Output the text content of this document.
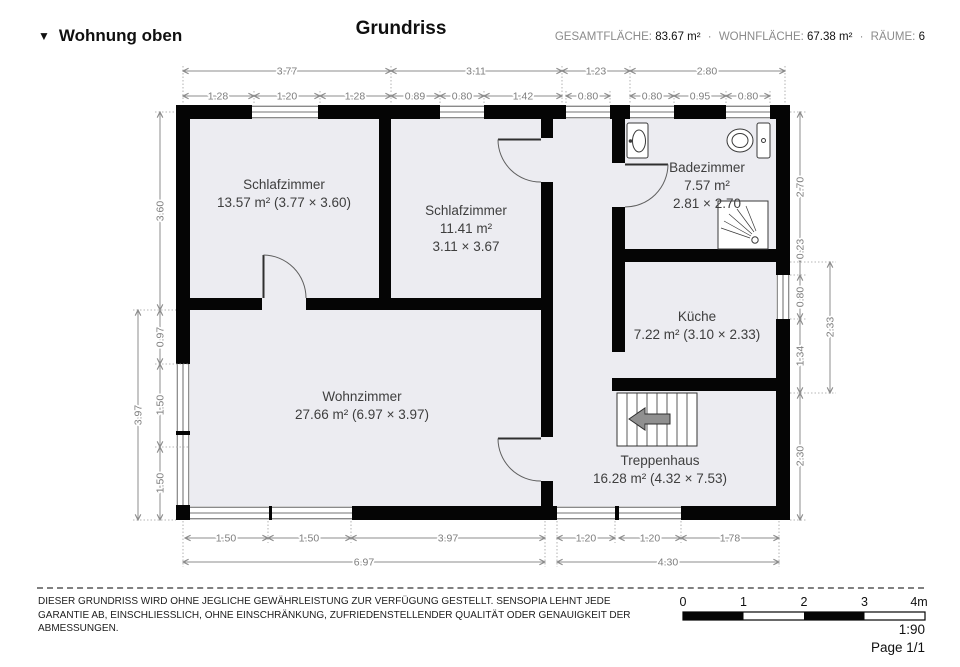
▼ Wohnung oben	Grundriss	GESAMTFLÄCHE: 83.67 m² · WOHNFLÄCHE: 67.38 m² · RÄUME: 6
Schlafzimmer
13.57 m² (3.77 × 3.60)
Schlafzimmer
11.41 m²
3.11 × 3.67
Badezimmer
7.57 m²
2.81 × 2.70
Küche
7.22 m² (3.10 × 2.33)
Wohnzimmer
27.66 m² (6.97 × 3.97)
Treppenhaus
16.28 m² (4.32 × 7.53)
3.77	3.11	1.23	2.80
1.28	1.20	1.28	0.89	0.80	1.42	0.80	0.80	0.95	0.80
3.60
0.97
1.50
1.50
3.97
2.70
0.23
0.80
1.34
2.33
2.30
1.50	1.50	3.97	1.20	1.20	1.78
6.97	4.30
DIESER GRUNDRISS WIRD OHNE JEGLICHE GEWÄHRLEISTUNG ZUR VERFÜGUNG GESTELLT. SENSOPIA LEHNT JEDE GARANTIE AB, EINSCHLIESSLICH, OHNE EINSCHRÄNKUNG, ZUFRIEDENSTELLENDER QUALITÄT ODER GENAUIGKEIT DER ABMESSUNGEN.
0	1	2	3	4m
1:90
Page 1/1
